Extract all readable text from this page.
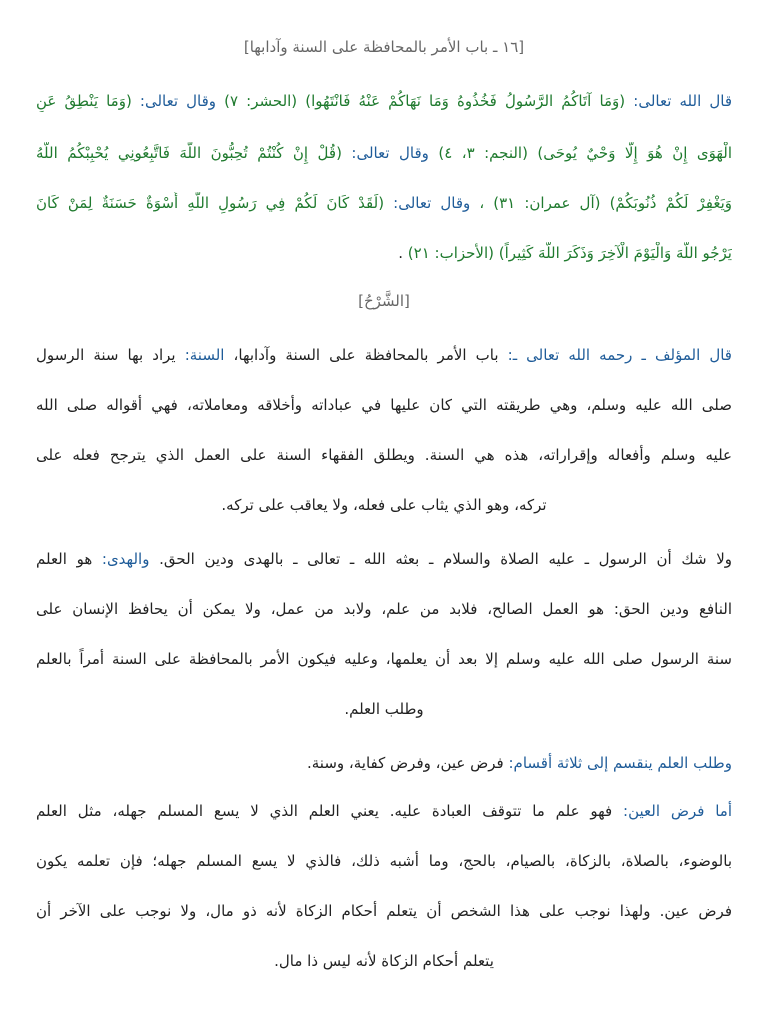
[١٦ ـ باب الأمر بالمحافظة على السنة وآدابها]
قال الله تعالى: (وَمَا آتَاكُمُ الرَّسُولُ فَخُذُوهُ وَمَا نَهَاكُمْ عَنْهُ فَانْتَهُوا) (الحشر: ٧) وقال تعالى: (وَمَا يَنْطِقُ عَنِ
الْهَوَى إِنْ هُوَ إِلَّا وَحْيٌ يُوحَى) (النجم: ٣، ٤) وقال تعالى: (قُلْ إِنْ كُنْتُمْ تُحِبُّونَ اللَّهَ فَاتَّبِعُونِي يُحْبِبْكُمُ اللَّهُ
وَيَغْفِرْ لَكُمْ ذُنُوبَكُمْ) (آل عمران: ٣١) ، وقال تعالى: (لَقَدْ كَانَ لَكُمْ فِي رَسُولِ اللَّهِ أُسْوَةٌ حَسَنَةٌ لِمَنْ كَانَ
يَرْجُو اللَّهَ وَالْيَوْمَ الْآخِرَ وَذَكَرَ اللَّهَ كَثِيراً) (الأحزاب: ٢١) .
[الشَّرْحُ]
قال المؤلف ـ رحمه الله تعالى ـ: باب الأمر بالمحافظة على السنة وآدابها، السنة: يراد بها سنة الرسول
صلى الله عليه وسلم، وهي طريقته التي كان عليها في عباداته وأخلاقه ومعاملاته، فهي أقواله صلى الله
عليه وسلم وأفعاله وإقراراته، هذه هي السنة. ويطلق الفقهاء السنة على العمل الذي يترجح فعله على
تركه، وهو الذي يثاب على فعله، ولا يعاقب على تركه.
ولا شك أن الرسول ـ عليه الصلاة والسلام ـ بعثه الله ـ تعالى ـ بالهدى ودين الحق. والهدى: هو العلم
النافع ودين الحق: هو العمل الصالح، فلابد من علم، ولابد من عمل، ولا يمكن أن يحافظ الإنسان على
سنة الرسول صلى الله عليه وسلم إلا بعد أن يعلمها، وعليه فيكون الأمر بالمحافظة على السنة أمراً بالعلم
وطلب العلم.
وطلب العلم ينقسم إلى ثلاثة أقسام: فرض عين، وفرض كفاية، وسنة.
أما فرض العين: فهو علم ما تتوقف العبادة عليه. يعني العلم الذي لا يسع المسلم جهله، مثل العلم
بالوضوء، بالصلاة، بالزكاة، بالصيام، بالحج، وما أشبه ذلك، فالذي لا يسع المسلم جهله؛ فإن تعلمه يكون
فرض عين. ولهذا نوجب على هذا الشخص أن يتعلم أحكام الزكاة لأنه ذو مال، ولا نوجب على الآخر أن
يتعلم أحكام الزكاة لأنه ليس ذا مال.
